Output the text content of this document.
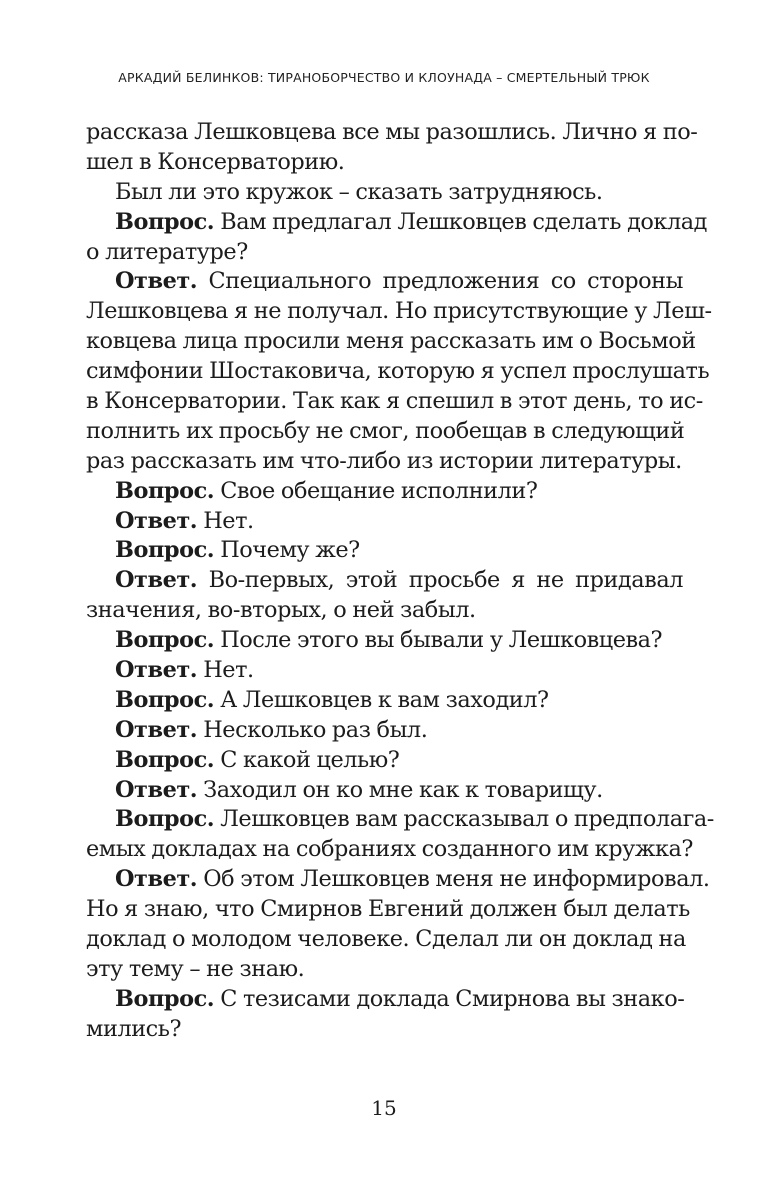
АРКАДИЙ БЕЛИНКОВ: ТИРАНОБОРЧЕСТВО И КЛОУНАДА – СМЕРТЕЛЬНЫЙ ТРЮК
рассказа Лешковцева все мы разошлись. Лично я по-
шел в Консерваторию.
Был ли это кружок – сказать затрудняюсь.
Вопрос. Вам предлагал Лешковцев сделать доклад
о литературе?
Ответ. Специального предложения со стороны
Лешковцева я не получал. Но присутствующие у Леш-
ковцева лица просили меня рассказать им о Восьмой
симфонии Шостаковича, которую я успел прослушать
в Консерватории. Так как я спешил в этот день, то ис-
полнить их просьбу не смог, пообещав в следующий
раз рассказать им что-либо из истории литературы.
Вопрос. Свое обещание исполнили?
Ответ. Нет.
Вопрос. Почему же?
Ответ. Во-первых, этой просьбе я не придавал
значения, во-вторых, о ней забыл.
Вопрос. После этого вы бывали у Лешковцева?
Ответ. Нет.
Вопрос. А Лешковцев к вам заходил?
Ответ. Несколько раз был.
Вопрос. С какой целью?
Ответ. Заходил он ко мне как к товарищу.
Вопрос. Лешковцев вам рассказывал о предполага-
емых докладах на собраниях созданного им кружка?
Ответ. Об этом Лешковцев меня не информировал.
Но я знаю, что Смирнов Евгений должен был делать
доклад о молодом человеке. Сделал ли он доклад на
эту тему – не знаю.
Вопрос. С тезисами доклада Смирнова вы знако-
мились?
15
